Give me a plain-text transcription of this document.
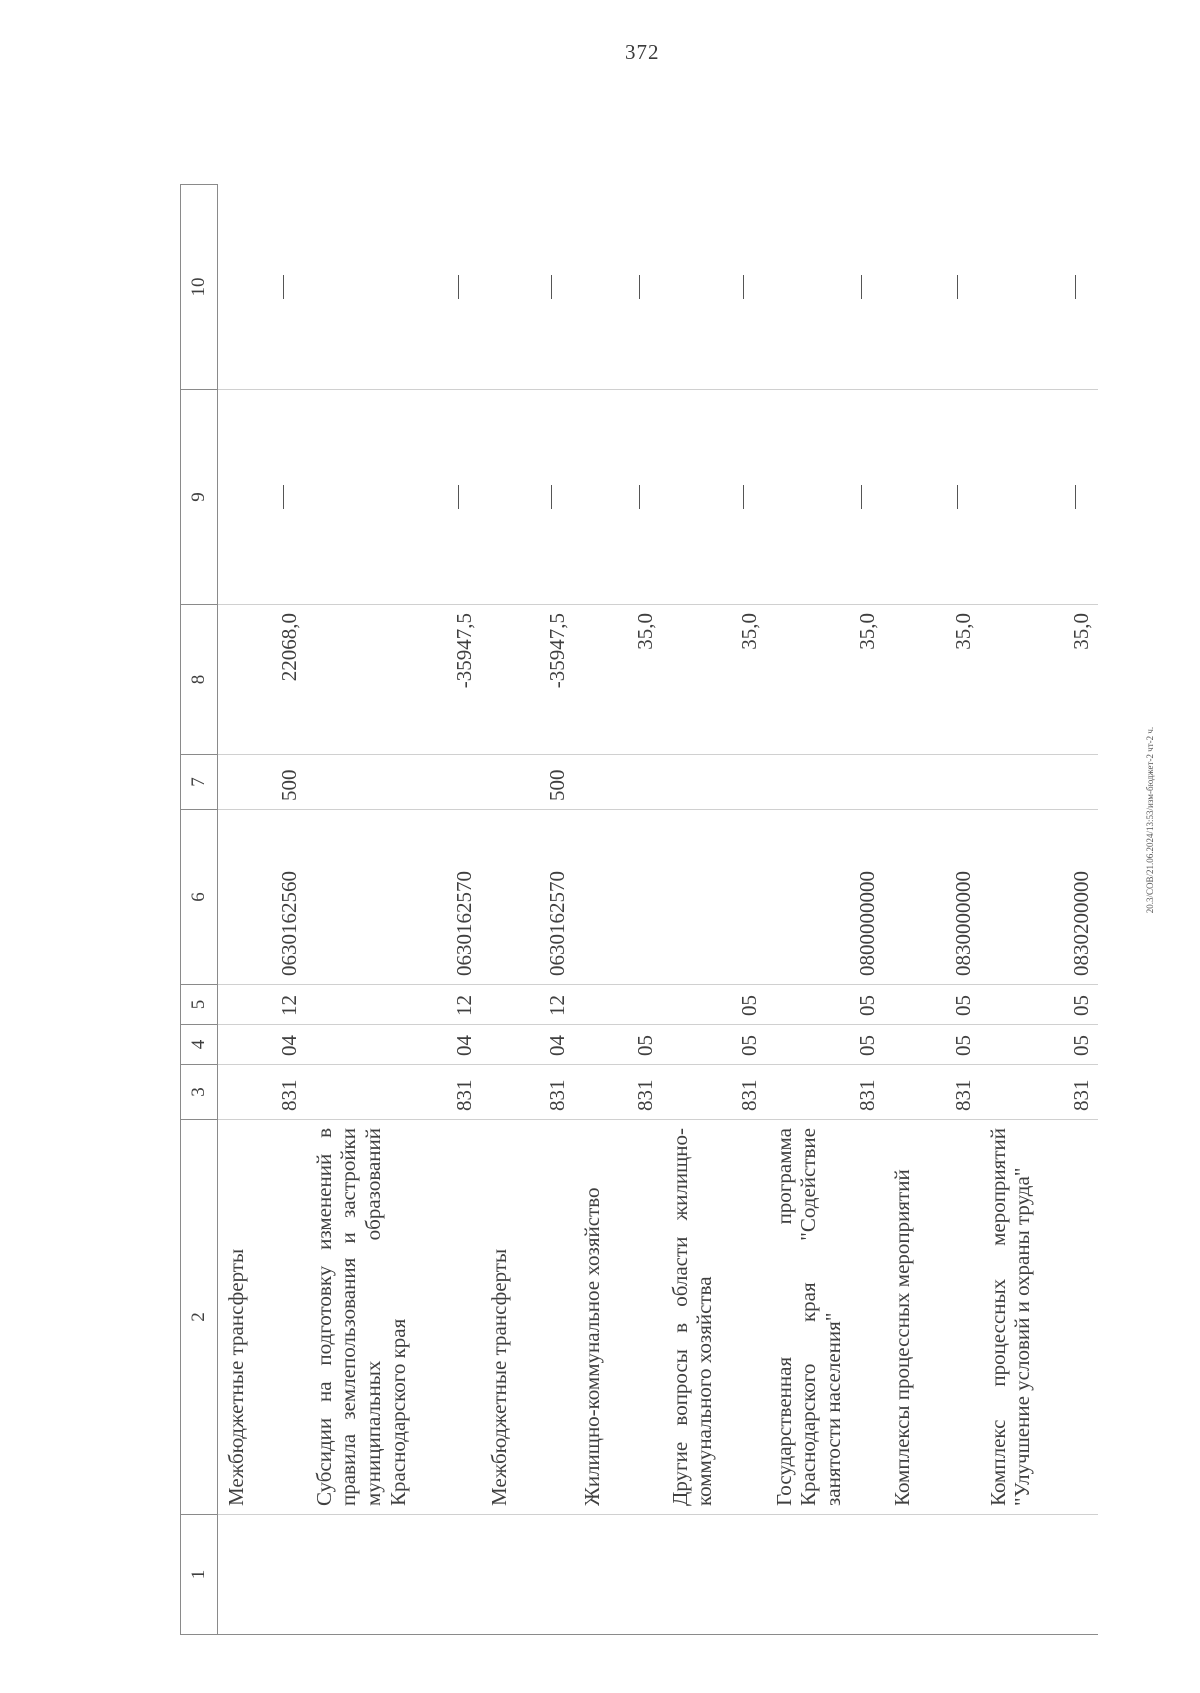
372
20.3/СОВ/21.06.2024/13:53/изм-бюджет-2 чт-2 ч.
1	2	3	4	5	6	7	8	9	10
	Межбюджетные трансферты	831	04	12	0630162560	500	22068,0		
	Субсидии на подготовку изменений в правила землепользования и застройки муниципальных образований Краснодарского края	831	04	12	0630162570		-35947,5		
	Межбюджетные трансферты	831	04	12	0630162570	500	-35947,5		
	Жилищно-коммунальное хозяйство	831	05				35,0		
	Другие вопросы в области жилищно-коммунального хозяйства	831	05	05			35,0		
	Государственная программа Краснодарского края "Содействие занятости населения"	831	05	05	0800000000		35,0		
	Комплексы процессных мероприятий	831	05	05	0830000000		35,0		
	Комплекс процессных мероприятий "Улучшение условий и охраны труда"	831	05	05	0830200000		35,0		
